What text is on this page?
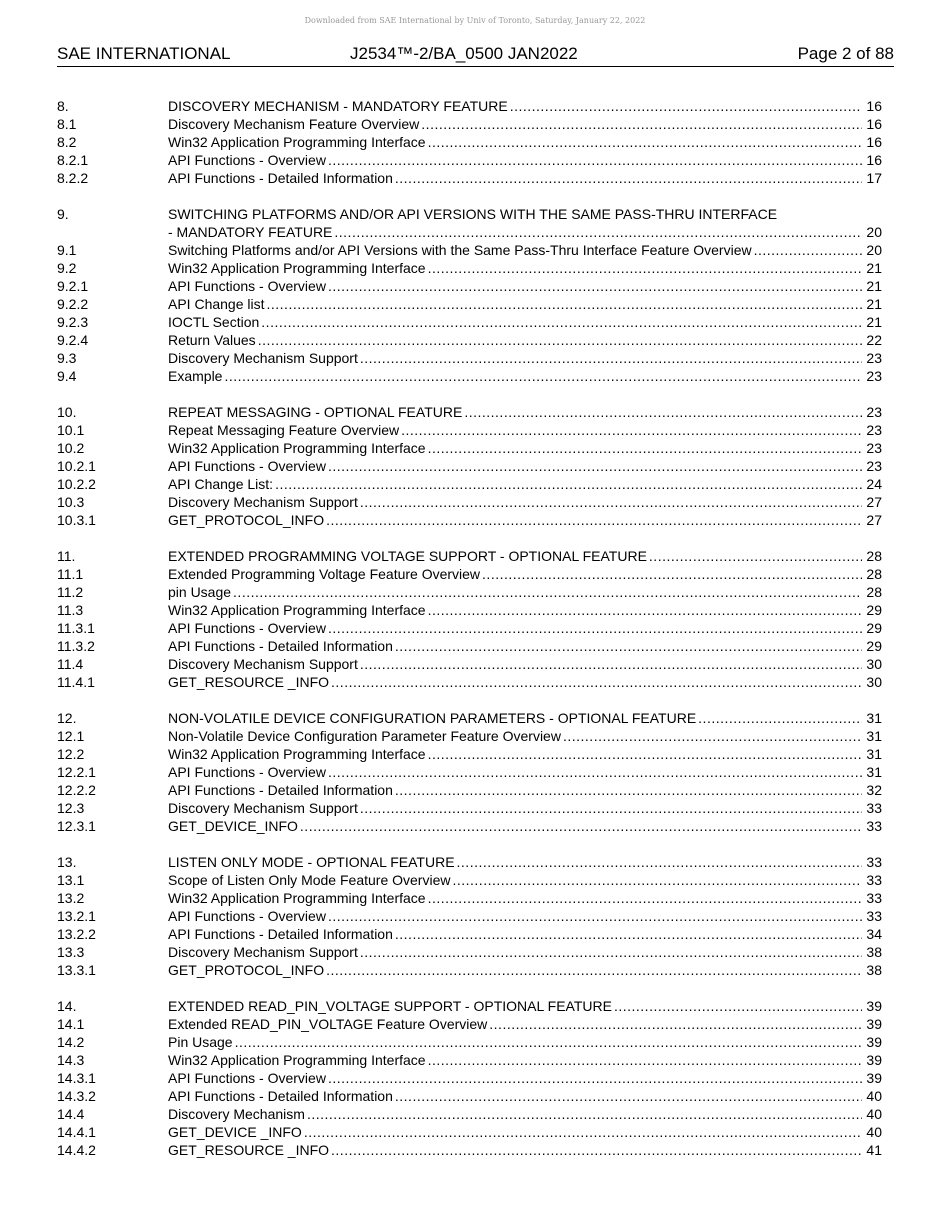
Downloaded from SAE International by Univ of Toronto, Saturday, January 22, 2022
SAE INTERNATIONAL	J2534™-2/BA_0500 JAN2022	Page 2 of 88
8.	DISCOVERY MECHANISM - MANDATORY FEATURE .....	16
8.1	Discovery Mechanism Feature Overview .....	16
8.2	Win32 Application Programming Interface .....	16
8.2.1	API Functions - Overview .....	16
8.2.2	API Functions - Detailed Information .....	17
9.	SWITCHING PLATFORMS AND/OR API VERSIONS WITH THE SAME PASS-THRU INTERFACE
- MANDATORY FEATURE .....	20
9.1	Switching Platforms and/or API Versions with the Same Pass-Thru Interface Feature Overview .....	20
9.2	Win32 Application Programming Interface .....	21
9.2.1	API Functions - Overview .....	21
9.2.2	API Change list .....	21
9.2.3	IOCTL Section .....	21
9.2.4	Return Values .....	22
9.3	Discovery Mechanism Support .....	23
9.4	Example .....	23
10.	REPEAT MESSAGING - OPTIONAL FEATURE .....	23
10.1	Repeat Messaging Feature Overview .....	23
10.2	Win32 Application Programming Interface .....	23
10.2.1	API Functions - Overview .....	23
10.2.2	API Change List: .....	24
10.3	Discovery Mechanism Support .....	27
10.3.1	GET_PROTOCOL_INFO .....	27
11.	EXTENDED PROGRAMMING VOLTAGE SUPPORT - OPTIONAL FEATURE .....	28
11.1	Extended Programming Voltage Feature Overview .....	28
11.2	pin Usage .....	28
11.3	Win32 Application Programming Interface .....	29
11.3.1	API Functions - Overview .....	29
11.3.2	API Functions - Detailed Information .....	29
11.4	Discovery Mechanism Support .....	30
11.4.1	GET_RESOURCE _INFO .....	30
12.	NON-VOLATILE DEVICE CONFIGURATION PARAMETERS - OPTIONAL FEATURE .....	31
12.1	Non-Volatile Device Configuration Parameter Feature Overview .....	31
12.2	Win32 Application Programming Interface .....	31
12.2.1	API Functions - Overview .....	31
12.2.2	API Functions - Detailed Information .....	32
12.3	Discovery Mechanism Support .....	33
12.3.1	GET_DEVICE_INFO .....	33
13.	LISTEN ONLY MODE - OPTIONAL FEATURE .....	33
13.1	Scope of Listen Only Mode Feature Overview .....	33
13.2	Win32 Application Programming Interface .....	33
13.2.1	API Functions - Overview .....	33
13.2.2	API Functions - Detailed Information .....	34
13.3	Discovery Mechanism Support .....	38
13.3.1	GET_PROTOCOL_INFO .....	38
14.	EXTENDED READ_PIN_VOLTAGE SUPPORT - OPTIONAL FEATURE .....	39
14.1	Extended READ_PIN_VOLTAGE Feature Overview .....	39
14.2	Pin Usage .....	39
14.3	Win32 Application Programming Interface .....	39
14.3.1	API Functions - Overview .....	39
14.3.2	API Functions - Detailed Information .....	40
14.4	Discovery Mechanism .....	40
14.4.1	GET_DEVICE _INFO .....	40
14.4.2	GET_RESOURCE _INFO .....	41
